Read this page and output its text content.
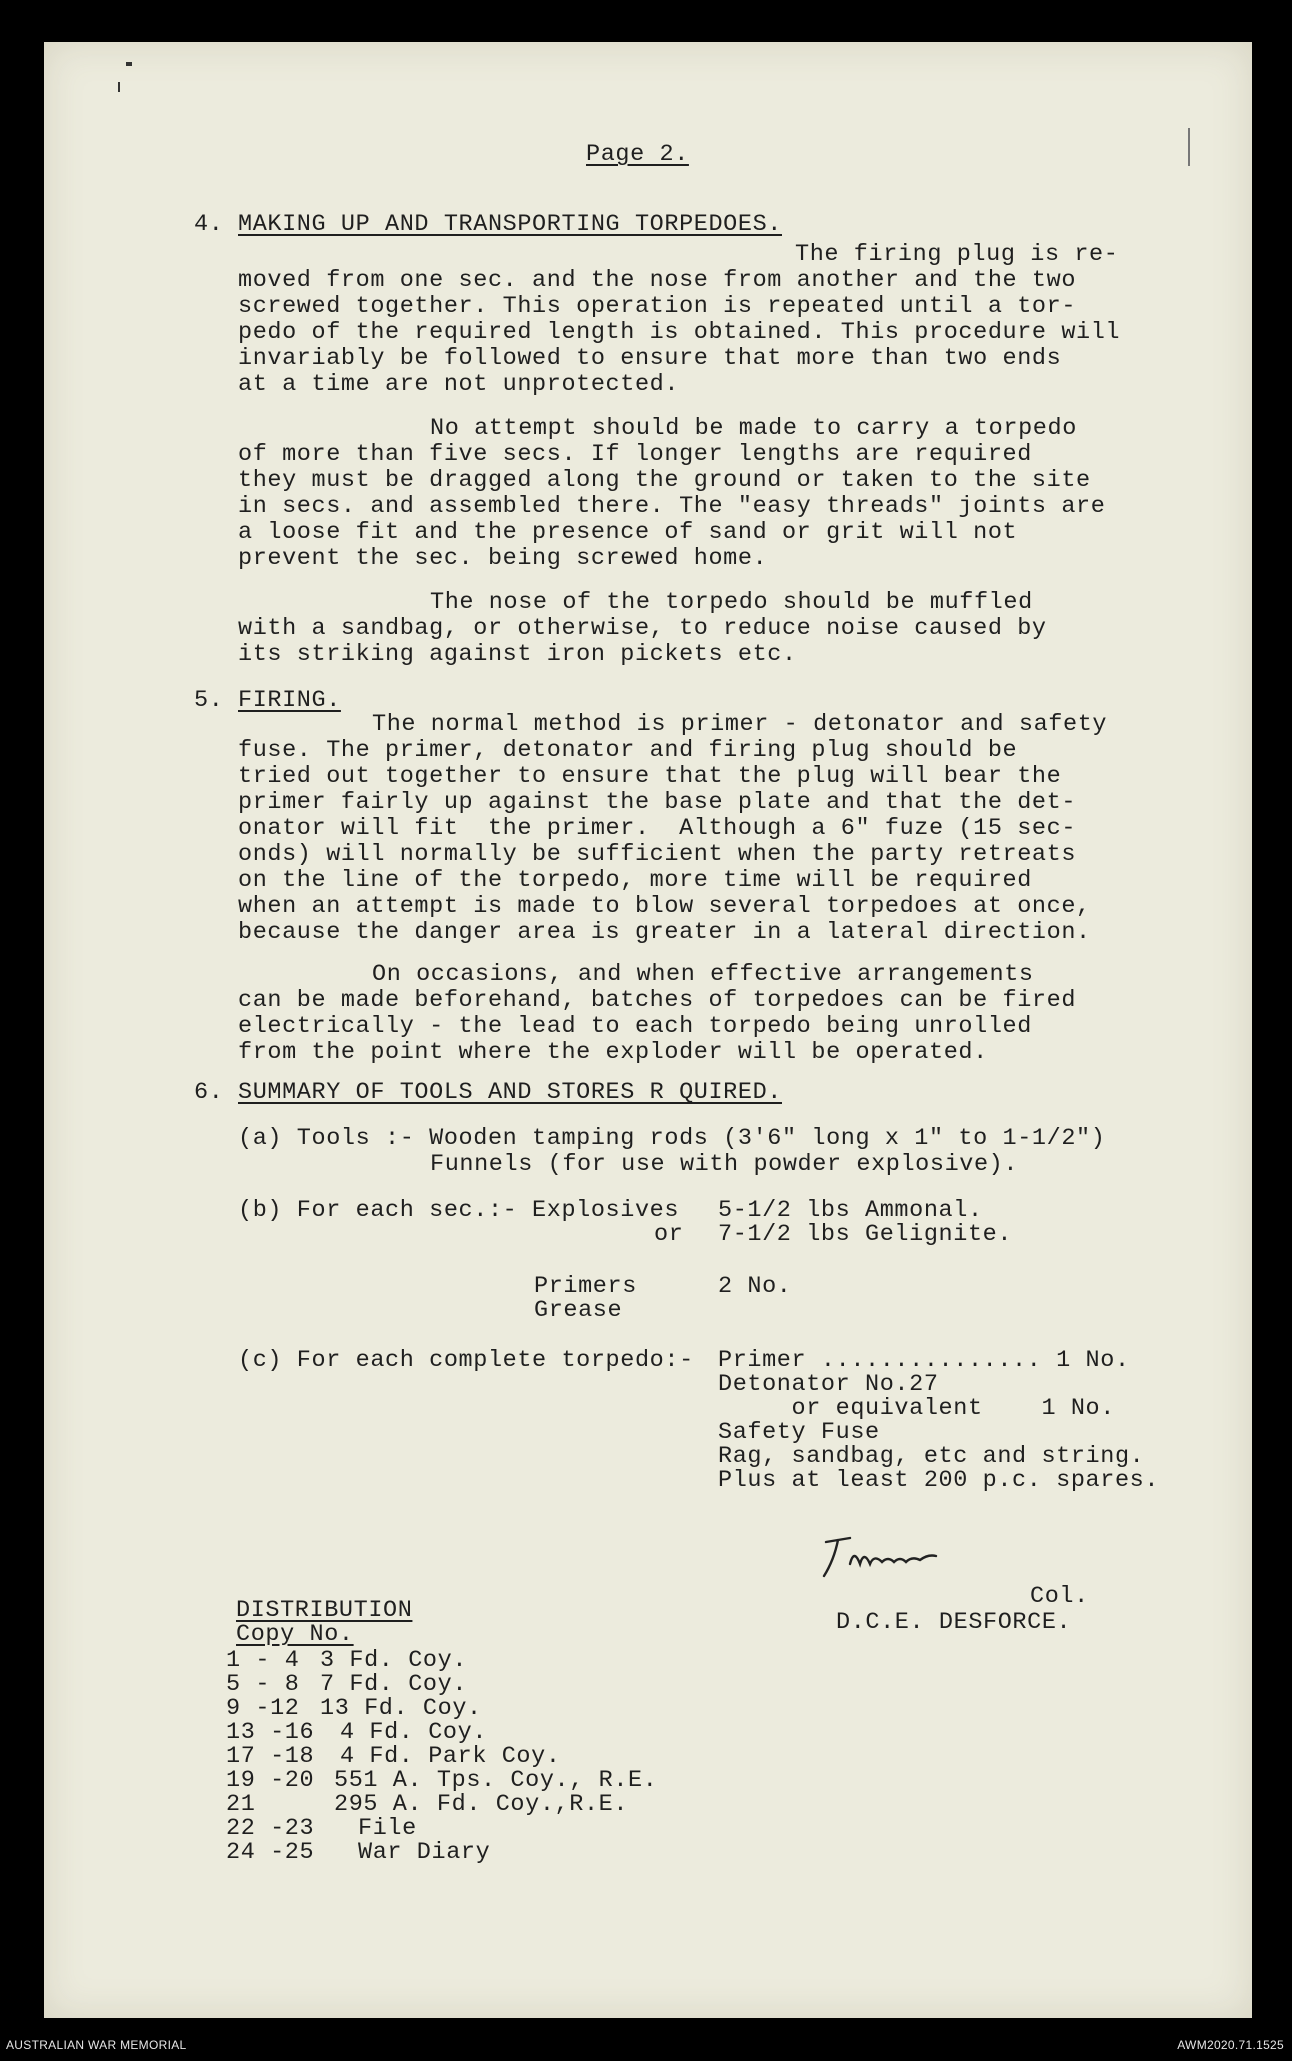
Page 2.
4. MAKING UP AND TRANSPORTING TORPEDOES.
The firing plug is re-
moved from one sec. and the nose from another and the two
screwed together. This operation is repeated until a tor-
pedo of the required length is obtained. This procedure will
invariably be followed to ensure that more than two ends
at a time are not unprotected.
No attempt should be made to carry a torpedo
of more than five secs. If longer lengths are required
they must be dragged along the ground or taken to the site
in secs. and assembled there. The "easy threads" joints are
a loose fit and the presence of sand or grit will not
prevent the sec. being screwed home.
The nose of the torpedo should be muffled
with a sandbag, or otherwise, to reduce noise caused by
its striking against iron pickets etc.
5. FIRING.
The normal method is primer - detonator and safety
fuse. The primer, detonator and firing plug should be
tried out together to ensure that the plug will bear the
primer fairly up against the base plate and that the det-
onator will fit  the primer.  Although a 6" fuze (15 sec-
onds) will normally be sufficient when the party retreats
on the line of the torpedo, more time will be required
when an attempt is made to blow several torpedoes at once,
because the danger area is greater in a lateral direction.
On occasions, and when effective arrangements
can be made beforehand, batches of torpedoes can be fired
electrically - the lead to each torpedo being unrolled
from the point where the exploder will be operated.
6. SUMMARY OF TOOLS AND STORES R QUIRED.
(a) Tools :- Wooden tamping rods (3'6" long x 1" to 1-1/2")
Funnels (for use with powder explosive).
(b) For each sec.:- Explosives 5-1/2 lbs Ammonal.
or 7-1/2 lbs Gelignite.
Primers	2 No.
Grease
(c) For each complete torpedo:- Primer ............... 1 No.
Detonator No.27
or equivalent    1 No.
Safety Fuse
Rag, sandbag, etc and string.
Plus at least 200 p.c. spares.
Col.
D.C.E. DESFORCE.
DISTRIBUTION
Copy No.
1 - 4 3 Fd. Coy.
5 - 8 7 Fd. Coy.
9 -12 13 Fd. Coy.
13 -16 4 Fd. Coy.
17 -18 4 Fd. Park Coy.
19 -20 551 A. Tps. Coy., R.E.
21	295 A. Fd. Coy.,R.E.
22 -23 File
24 -25 War Diary
AUSTRALIAN WAR MEMORIAL	AWM2020.71.1525
